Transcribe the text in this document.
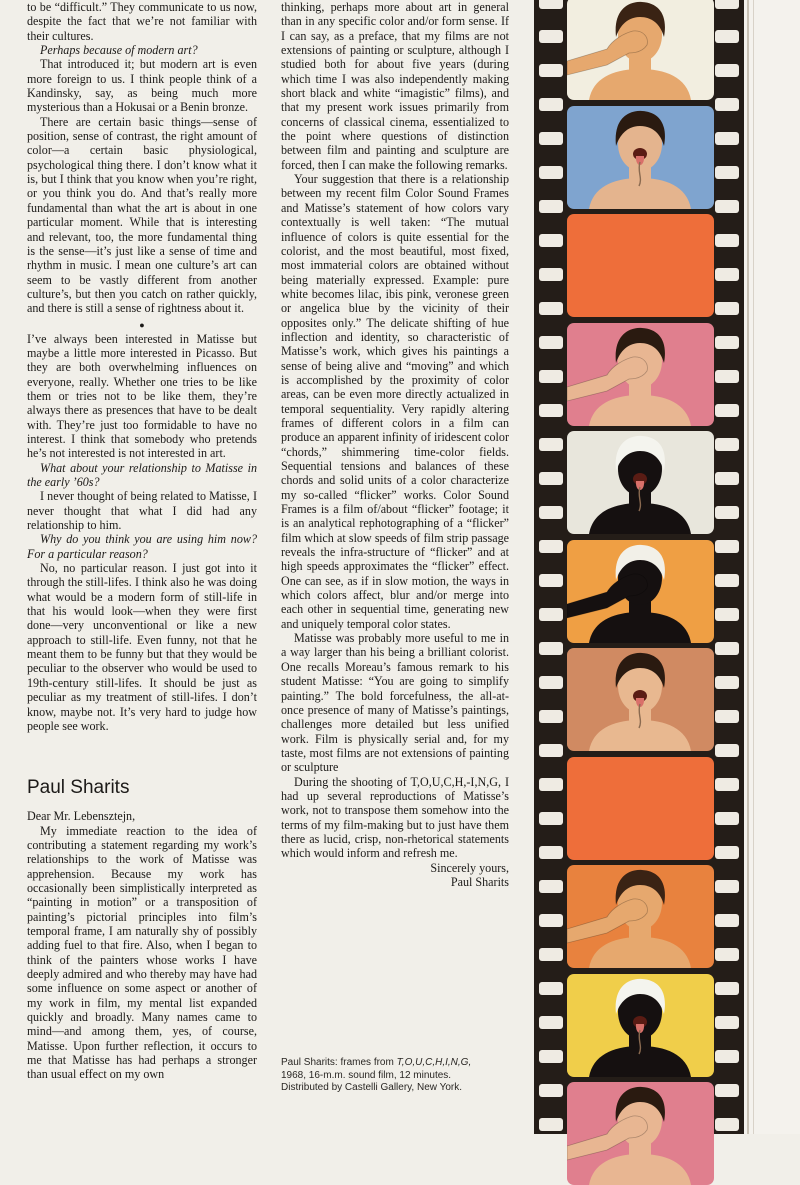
to be “difficult.” They communicate to us now, despite the fact that we’re not familiar with their cultures.

Perhaps because of modern art?

That introduced it; but modern art is even more foreign to us. I think people think of a Kandinsky, say, as being much more mysterious than a Hokusai or a Benin bronze.

There are certain basic things—sense of position, sense of contrast, the right amount of color—a certain basic physiological, psychological thing there. I don’t know what it is, but I think that you know when you’re right, or you think you do. And that’s really more fundamental than what the art is about in one particular moment. While that is interesting and relevant, too, the more fundamental thing is the sense—it’s just like a sense of time and rhythm in music. I mean one culture’s art can seem to be vastly different from another culture’s, but then you catch on rather quickly, and there is still a sense of rightness about it.

●

I’ve always been interested in Matisse but maybe a little more interested in Picasso. But they are both overwhelming influences on everyone, really. Whether one tries to be like them or tries not to be like them, they’re always there as presences that have to be dealt with. They’re just too formidable to have no interest. I think that somebody who pretends he’s not interested is not interested in art.

What about your relationship to Matisse in the early ’60s?

I never thought of being related to Matisse, I never thought that what I did had any relationship to him.

Why do you think you are using him now? For a particular reason?

No, no particular reason. I just got into it through the still-lifes. I think also he was doing what would be a modern form of still-life in that his would look—when they were first done—very unconventional or like a new approach to still-life. Even funny, not that he meant them to be funny but that they would be peculiar to the observer who would be used to 19th-century still-lifes. It should be just as peculiar as my treatment of still-lifes. I don’t know, maybe not. It’s very hard to judge how people see work.

Paul Sharits

Dear Mr. Lebensztejn,

My immediate reaction to the idea of contributing a statement regarding my work’s relationships to the work of Matisse was apprehension. Because my work has occasionally been simplistically interpreted as “painting in motion” or a transposition of painting’s pictorial principles into film’s temporal frame, I am naturally shy of possibly adding fuel to that fire. Also, when I began to think of the painters whose works I have deeply admired and who thereby may have had some influence on some aspect or another of my work in film, my mental list expanded quickly and broadly. Many names came to mind—and among them, yes, of course, Matisse. Upon further reflection, it occurs to me that Matisse has had perhaps a stronger than usual effect on my own

thinking, perhaps more about art in general than in any specific color and/or form sense. If I can say, as a preface, that my films are not extensions of painting or sculpture, although I studied both for about five years (during which time I was also independently making short black and white “imagistic” films), and that my present work issues primarily from concerns of classical cinema, essentialized to the point where questions of distinction between film and painting and sculpture are forced, then I can make the following remarks.

Your suggestion that there is a relationship between my recent film Color Sound Frames and Matisse’s statement of how colors vary contextually is well taken: “The mutual influence of colors is quite essential for the colorist, and the most beautiful, most fixed, most immaterial colors are obtained without being materially expressed. Example: pure white becomes lilac, ibis pink, veronese green or angelica blue by the vicinity of their opposites only.” The delicate shifting of hue inflection and identity, so characteristic of Matisse’s work, which gives his paintings a sense of being alive and “moving” and which is accomplished by the proximity of color areas, can be even more directly actualized in temporal sequentiality. Very rapidly altering frames of different colors in a film can produce an apparent infinity of iridescent color “chords,” shimmering time-color fields. Sequential tensions and balances of these chords and solid units of a color characterize my so-called “flicker” works. Color Sound Frames is a film of/about “flicker” footage; it is an analytical rephotographing of a “flicker” film which at slow speeds of film strip passage reveals the infra-structure of “flicker” and at high speeds approximates the “flicker” effect. One can see, as if in slow motion, the ways in which colors affect, blur and/or merge into each other in sequential time, generating new and uniquely temporal color states.

Matisse was probably more useful to me in a way larger than his being a brilliant colorist. One recalls Moreau’s famous remark to his student Matisse: “You are going to simplify painting.” The bold forcefulness, the all-at-once presence of many of Matisse’s paintings, challenges more detailed but less unified work. Film is physically serial and, for my taste, most films are not extensions of painting or sculpture

During the shooting of T,O,U,C,H,-I,N,G, I had up several reproductions of Matisse’s work, not to transpose them somehow into the terms of my film-making but to just have them there as lucid, crisp, non-rhetorical statements which would inform and refresh me.

Sincerely yours,

Paul Sharits

Paul Sharits: frames from T,O,U,C,H,I,N,G,
1968, 16-m.m. sound film, 12 minutes.
Distributed by Castelli Gallery, New York.
